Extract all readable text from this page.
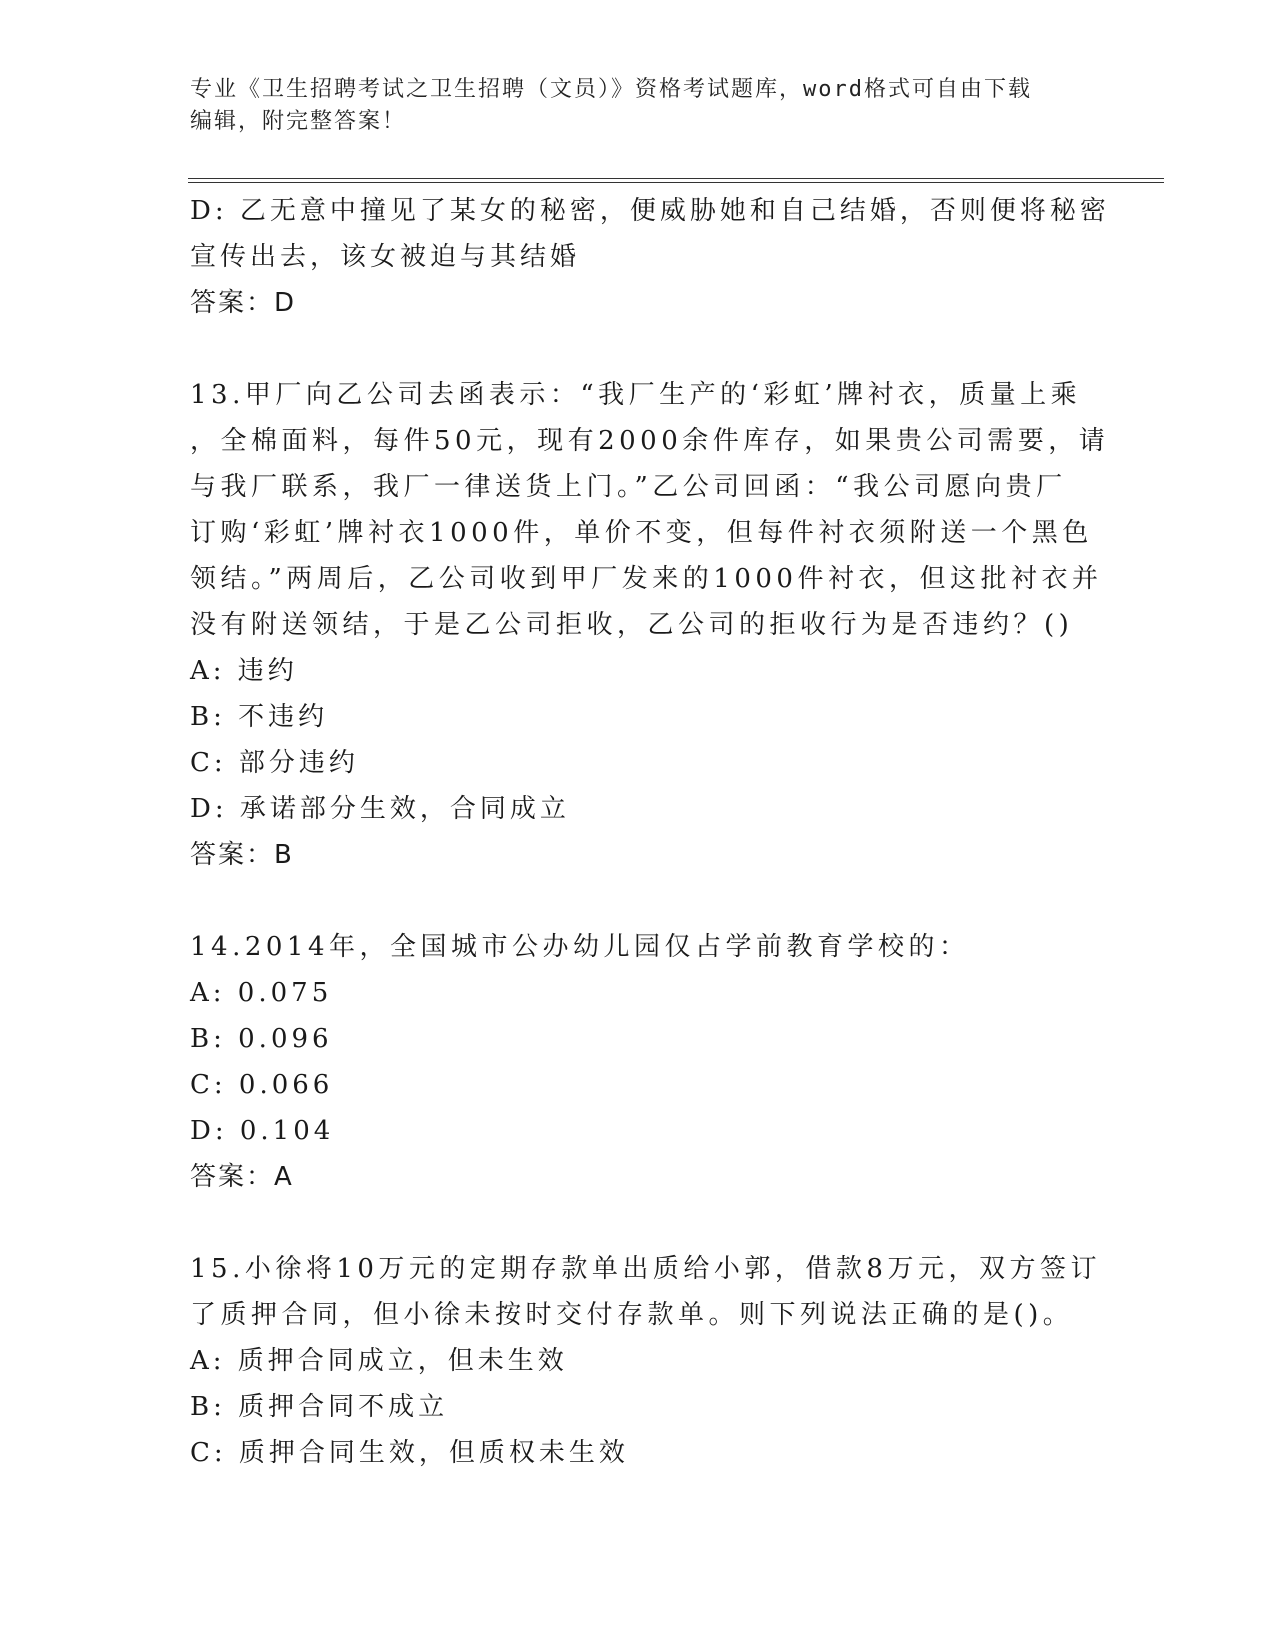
专业《卫生招聘考试之卫生招聘（文员）》资格考试题库，word格式可自由下载
编辑，附完整答案！
D: 乙无意中撞见了某女的秘密，便威胁她和自己结婚，否则便将秘密
宣传出去，该女被迫与其结婚
答案：D
13.甲厂向乙公司去函表示：“我厂生产的‘彩虹’牌衬衣，质量上乘
，全棉面料，每件50元，现有2000余件库存，如果贵公司需要，请
与我厂联系，我厂一律送货上门。”乙公司回函：“我公司愿向贵厂
订购‘彩虹’牌衬衣1000件，单价不变，但每件衬衣须附送一个黑色
领结。”两周后，乙公司收到甲厂发来的1000件衬衣，但这批衬衣并
没有附送领结，于是乙公司拒收，乙公司的拒收行为是否违约？()
A: 违约
B: 不违约
C: 部分违约
D: 承诺部分生效，合同成立
答案：B
14.2014年，全国城市公办幼儿园仅占学前教育学校的：
A: 0.075
B: 0.096
C: 0.066
D: 0.104
答案：A
15.小徐将10万元的定期存款单出质给小郭，借款8万元，双方签订
了质押合同，但小徐未按时交付存款单。则下列说法正确的是()。
A: 质押合同成立，但未生效
B: 质押合同不成立
C: 质押合同生效，但质权未生效
